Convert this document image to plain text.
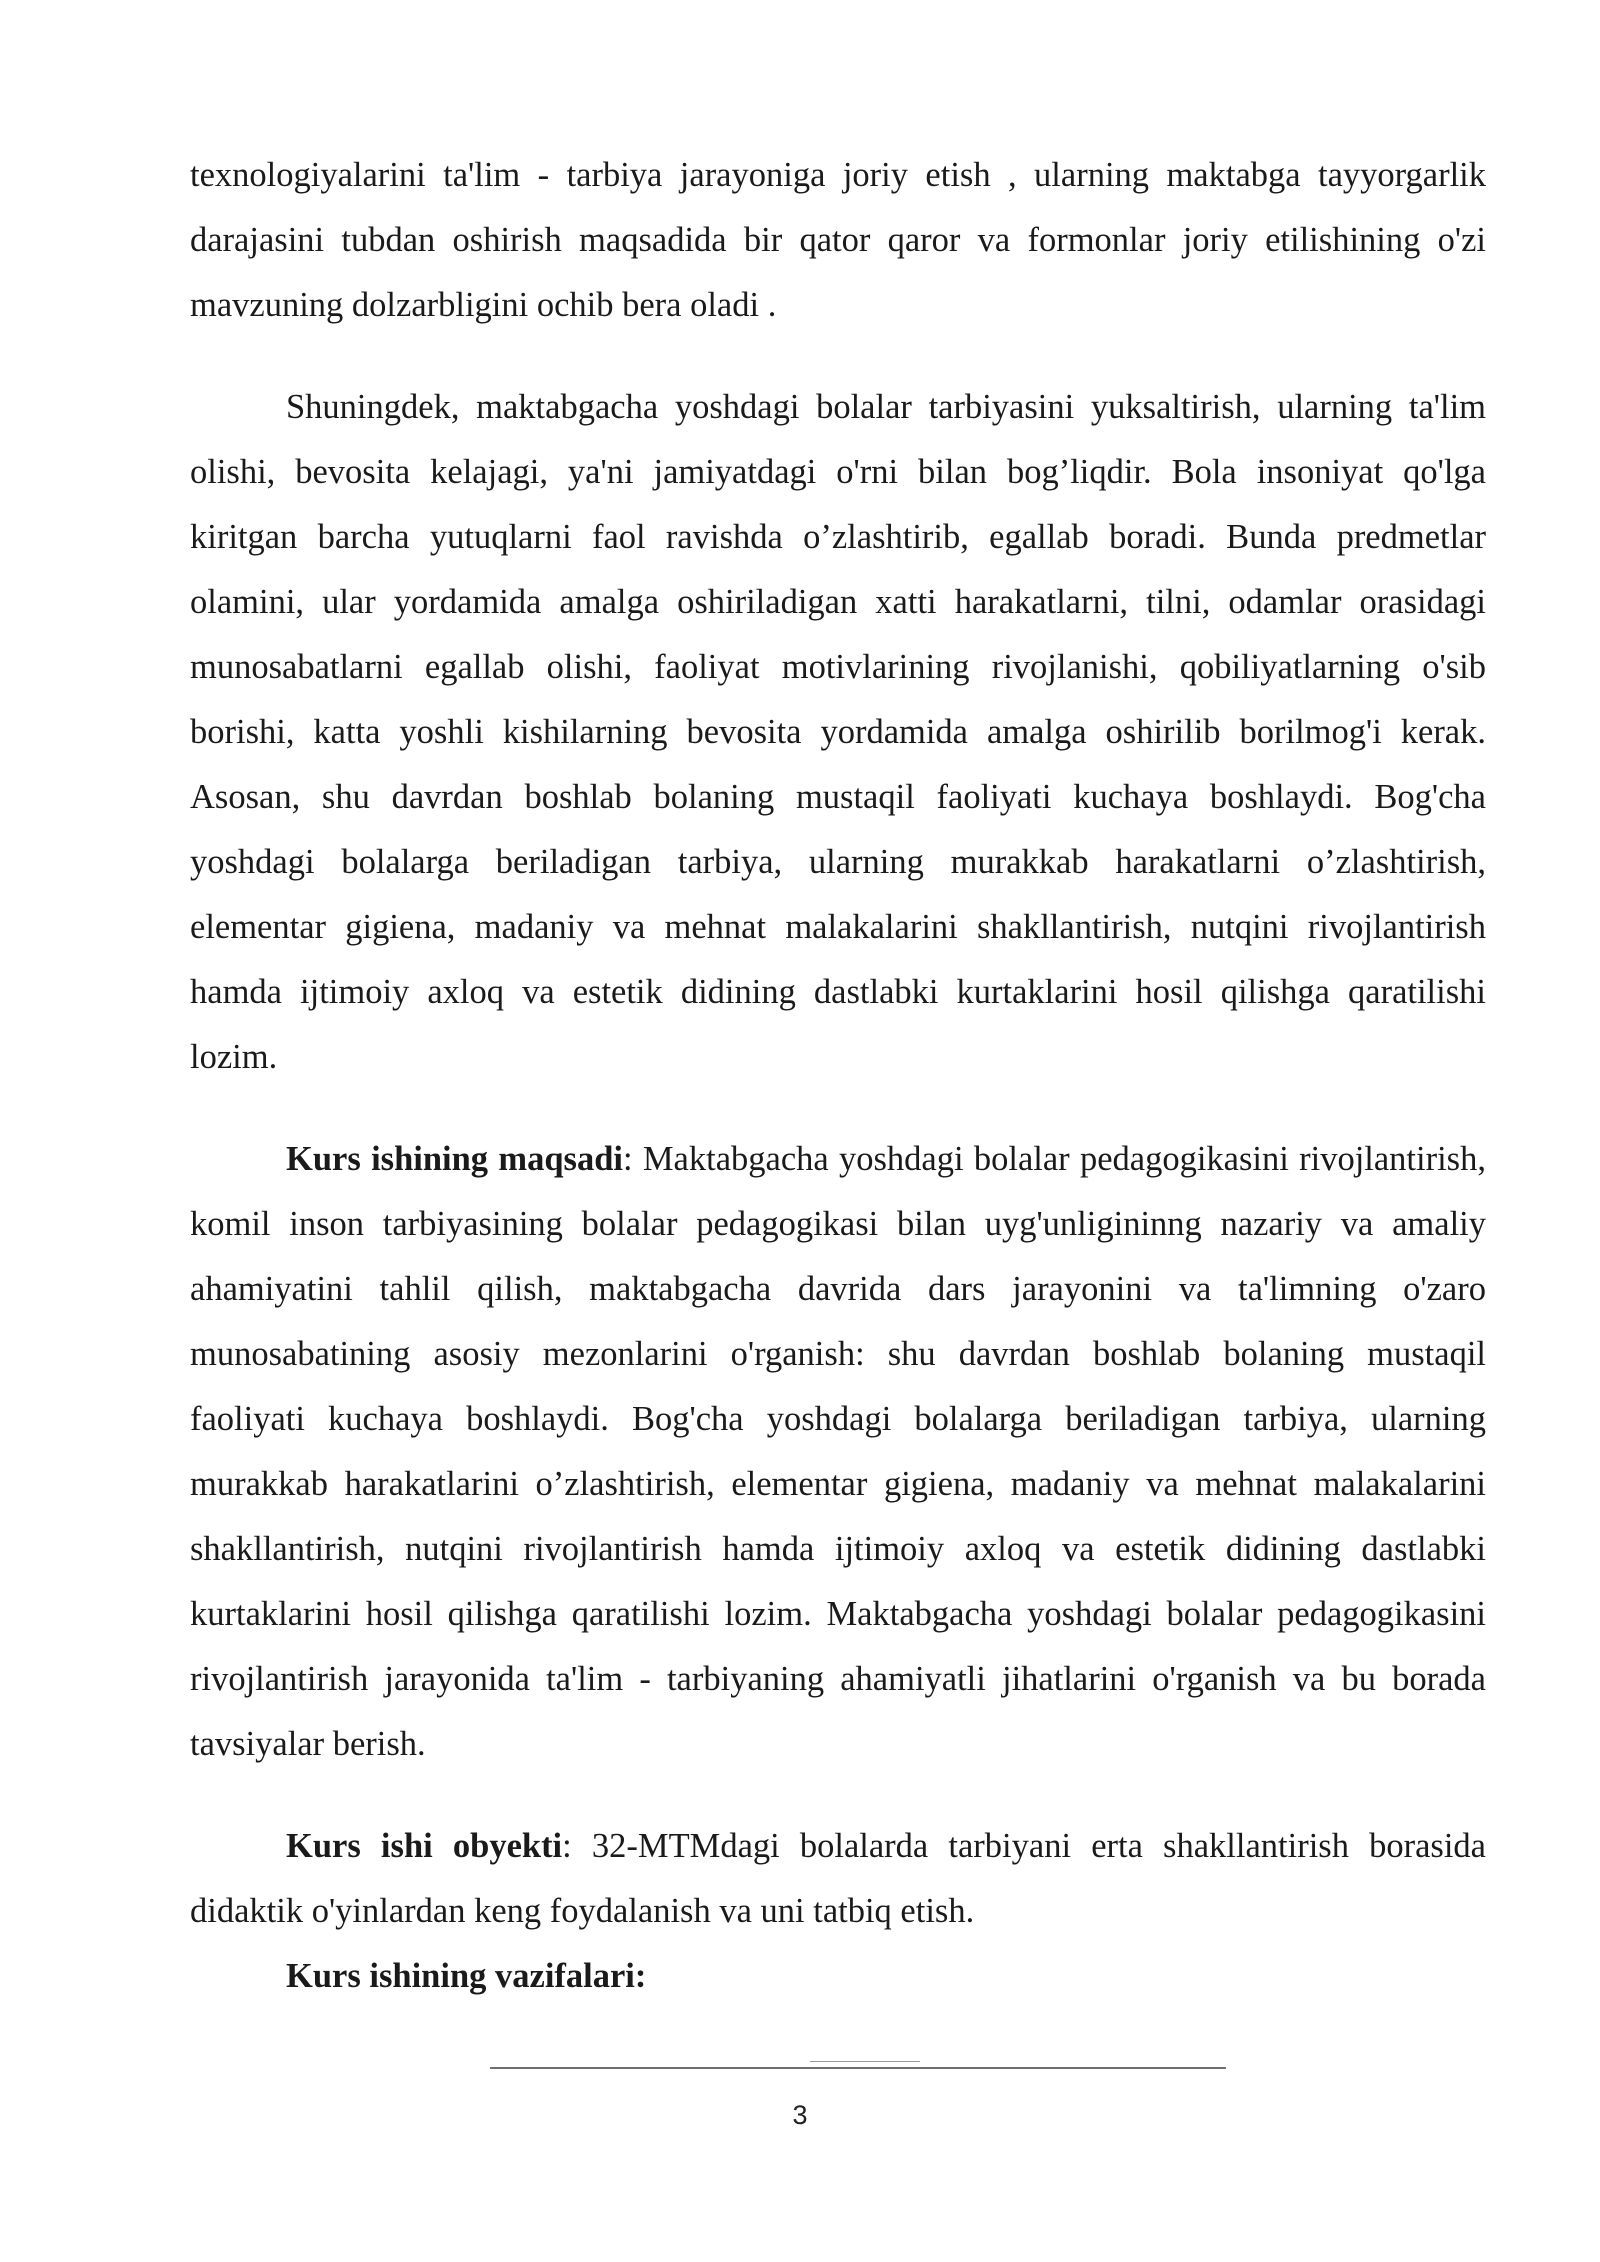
texnologiyalarini ta'lim - tarbiya jarayoniga joriy etish , ularning maktabga tayyorgarlik darajasini tubdan oshirish maqsadida bir qator qaror va formonlar joriy etilishining o'zi mavzuning dolzarbligini ochib bera oladi .

Shuningdek, maktabgacha yoshdagi bolalar tarbiyasini yuksaltirish, ularning ta'lim olishi, bevosita kelajagi, ya'ni jamiyatdagi o'rni bilan bog’liqdir. Bola insoniyat qo'lga kiritgan barcha yutuqlarni faol ravishda o’zlashtirib, egallab boradi. Bunda predmetlar olamini, ular yordamida amalga oshiriladigan xatti harakatlarni, tilni, odamlar orasidagi munosabatlarni egallab olishi, faoliyat motivlarining rivojlanishi, qobiliyatlarning o'sib borishi, katta yoshli kishilarning bevosita yordamida amalga oshirilib borilmog'i kerak. Asosan, shu davrdan boshlab bolaning mustaqil faoliyati kuchaya boshlaydi. Bog'cha yoshdagi bolalarga beriladigan tarbiya, ularning murakkab harakatlarni o’zlashtirish, elementar gigiena, madaniy va mehnat malakalarini shakllantirish, nutqini rivojlantirish hamda ijtimoiy axloq va estetik didining dastlabki kurtaklarini hosil qilishga qaratilishi lozim.

Kurs ishining maqsadi: Maktabgacha yoshdagi bolalar pedagogikasini rivojlantirish, komil inson tarbiyasining bolalar pedagogikasi bilan uyg'unligininng nazariy va amaliy ahamiyatini tahlil qilish, maktabgacha davrida dars jarayonini va ta'limning o'zaro munosabatining asosiy mezonlarini o'rganish: shu davrdan boshlab bolaning mustaqil faoliyati kuchaya boshlaydi. Bog'cha yoshdagi bolalarga beriladigan tarbiya, ularning murakkab harakatlarini o’zlashtirish, elementar gigiena, madaniy va mehnat malakalarini shakllantirish, nutqini rivojlantirish hamda ijtimoiy axloq va estetik didining dastlabki kurtaklarini hosil qilishga qaratilishi lozim. Maktabgacha yoshdagi bolalar pedagogikasini rivojlantirish jarayonida ta'lim - tarbiyaning ahamiyatli jihatlarini o'rganish va bu borada tavsiyalar berish.

Kurs ishi obyekti: 32-MTMdagi bolalarda tarbiyani erta shakllantirish borasida didaktik o'yinlardan keng foydalanish va uni tatbiq etish.

Kurs ishining vazifalari:

3
